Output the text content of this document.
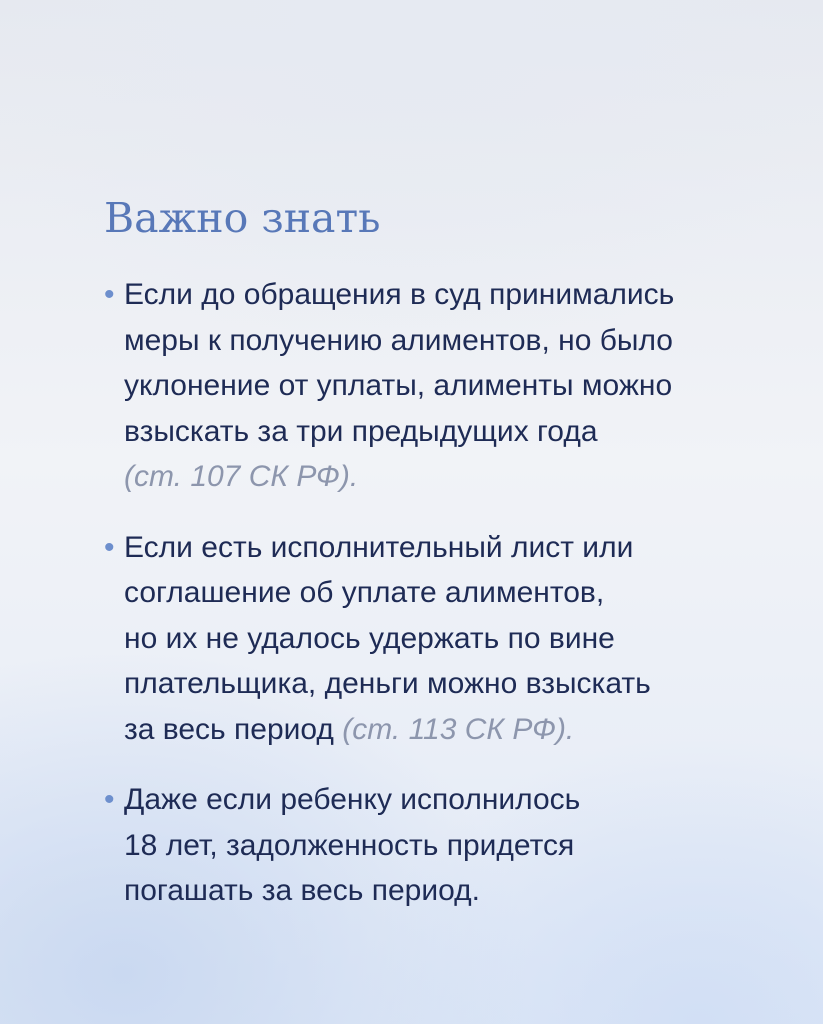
Важно знать
• Если до обращения в суд принимались
меры к получению алиментов, но было
уклонение от уплаты, алименты можно
взыскать за три предыдущих года
(ст. 107 СК РФ).
• Если есть исполнительный лист или
соглашение об уплате алиментов,
но их не удалось удержать по вине
плательщика, деньги можно взыскать
за весь период (ст. 113 СК РФ).
• Даже если ребенку исполнилось
18 лет, задолженность придется
погашать за весь период.
